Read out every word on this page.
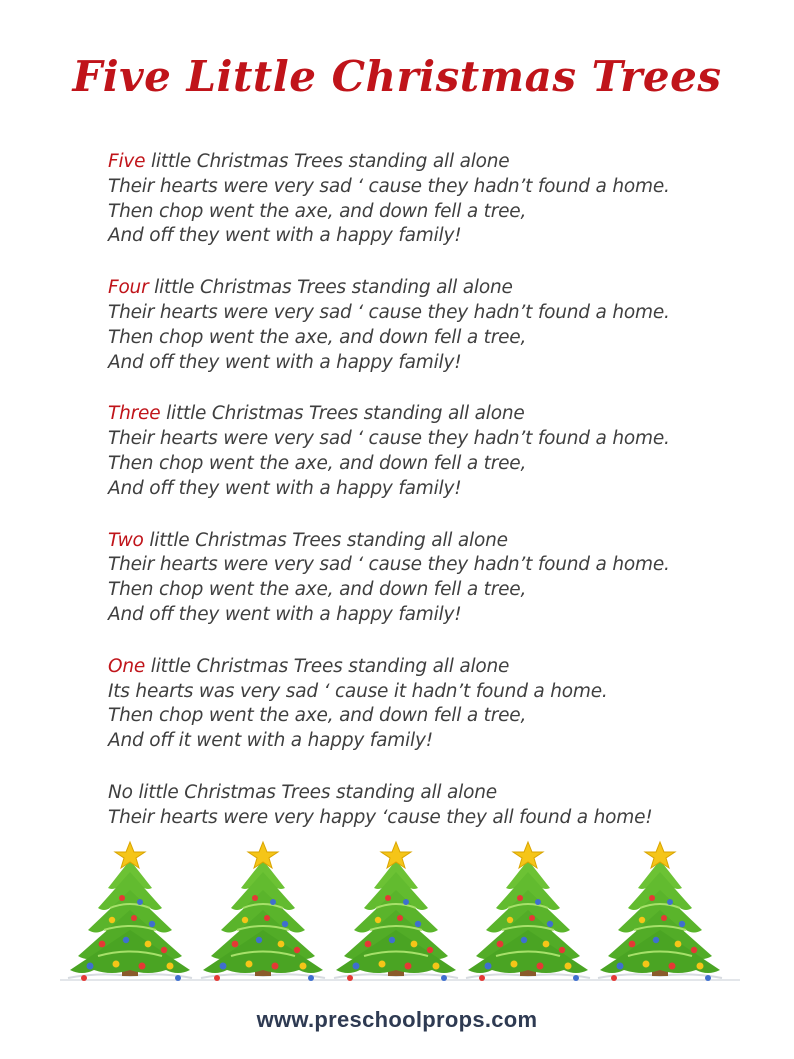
Five Little Christmas Trees
Five little Christmas Trees standing all alone
Their hearts were very sad ‘ cause they hadn’t found a home.
Then chop went the axe, and down fell a tree,
And off they went with a happy family!
Four little Christmas Trees standing all alone
Their hearts were very sad ‘ cause they hadn’t found a home.
Then chop went the axe, and down fell a tree,
And off they went with a happy family!
Three little Christmas Trees standing all alone
Their hearts were very sad ‘ cause they hadn’t found a home.
Then chop went the axe, and down fell a tree,
And off they went with a happy family!
Two little Christmas Trees standing all alone
Their hearts were very sad ‘ cause they hadn’t found a home.
Then chop went the axe, and down fell a tree,
And off they went with a happy family!
One little Christmas Trees standing all alone
Its hearts was very sad ‘ cause it hadn’t found a home.
Then chop went the axe, and down fell a tree,
And off it went with a happy family!
No little Christmas Trees standing all alone
Their hearts were very happy ‘cause they all found a home!
www.preschoolprops.com
